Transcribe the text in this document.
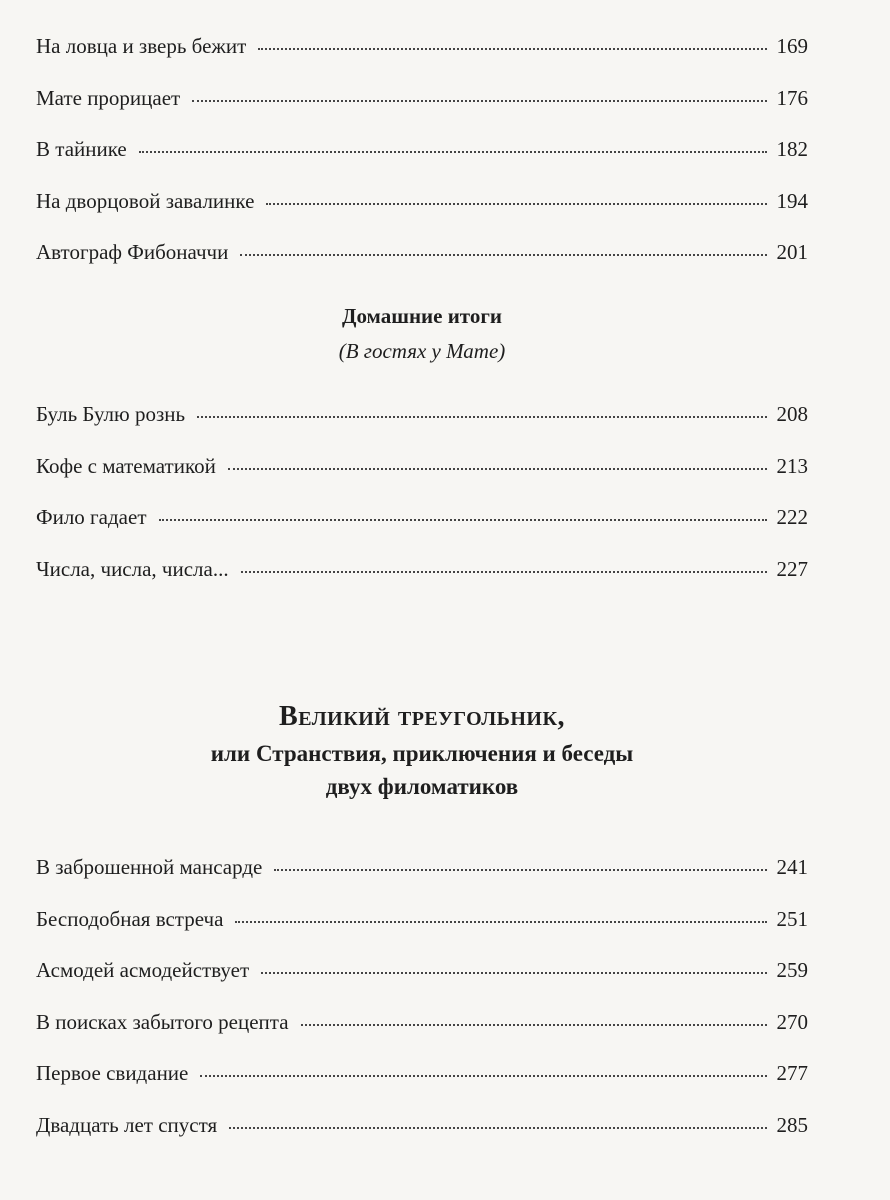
На ловца и зверь бежит	169
Мате прорицает	176
В тайнике	182
На дворцовой завалинке	194
Автограф Фибоначчи	201
Домашние итоги
(В гостях у Мате)
Буль Булю рознь	208
Кофе с математикой	213
Фило гадает	222
Числа, числа, числа...	227
Великий треугольник,
или Странствия, приключения и беседы
двух филоматиков
В заброшенной мансарде	241
Бесподобная встреча	251
Асмодей асмодействует	259
В поисках забытого рецепта	270
Первое свидание	277
Двадцать лет спустя	285
